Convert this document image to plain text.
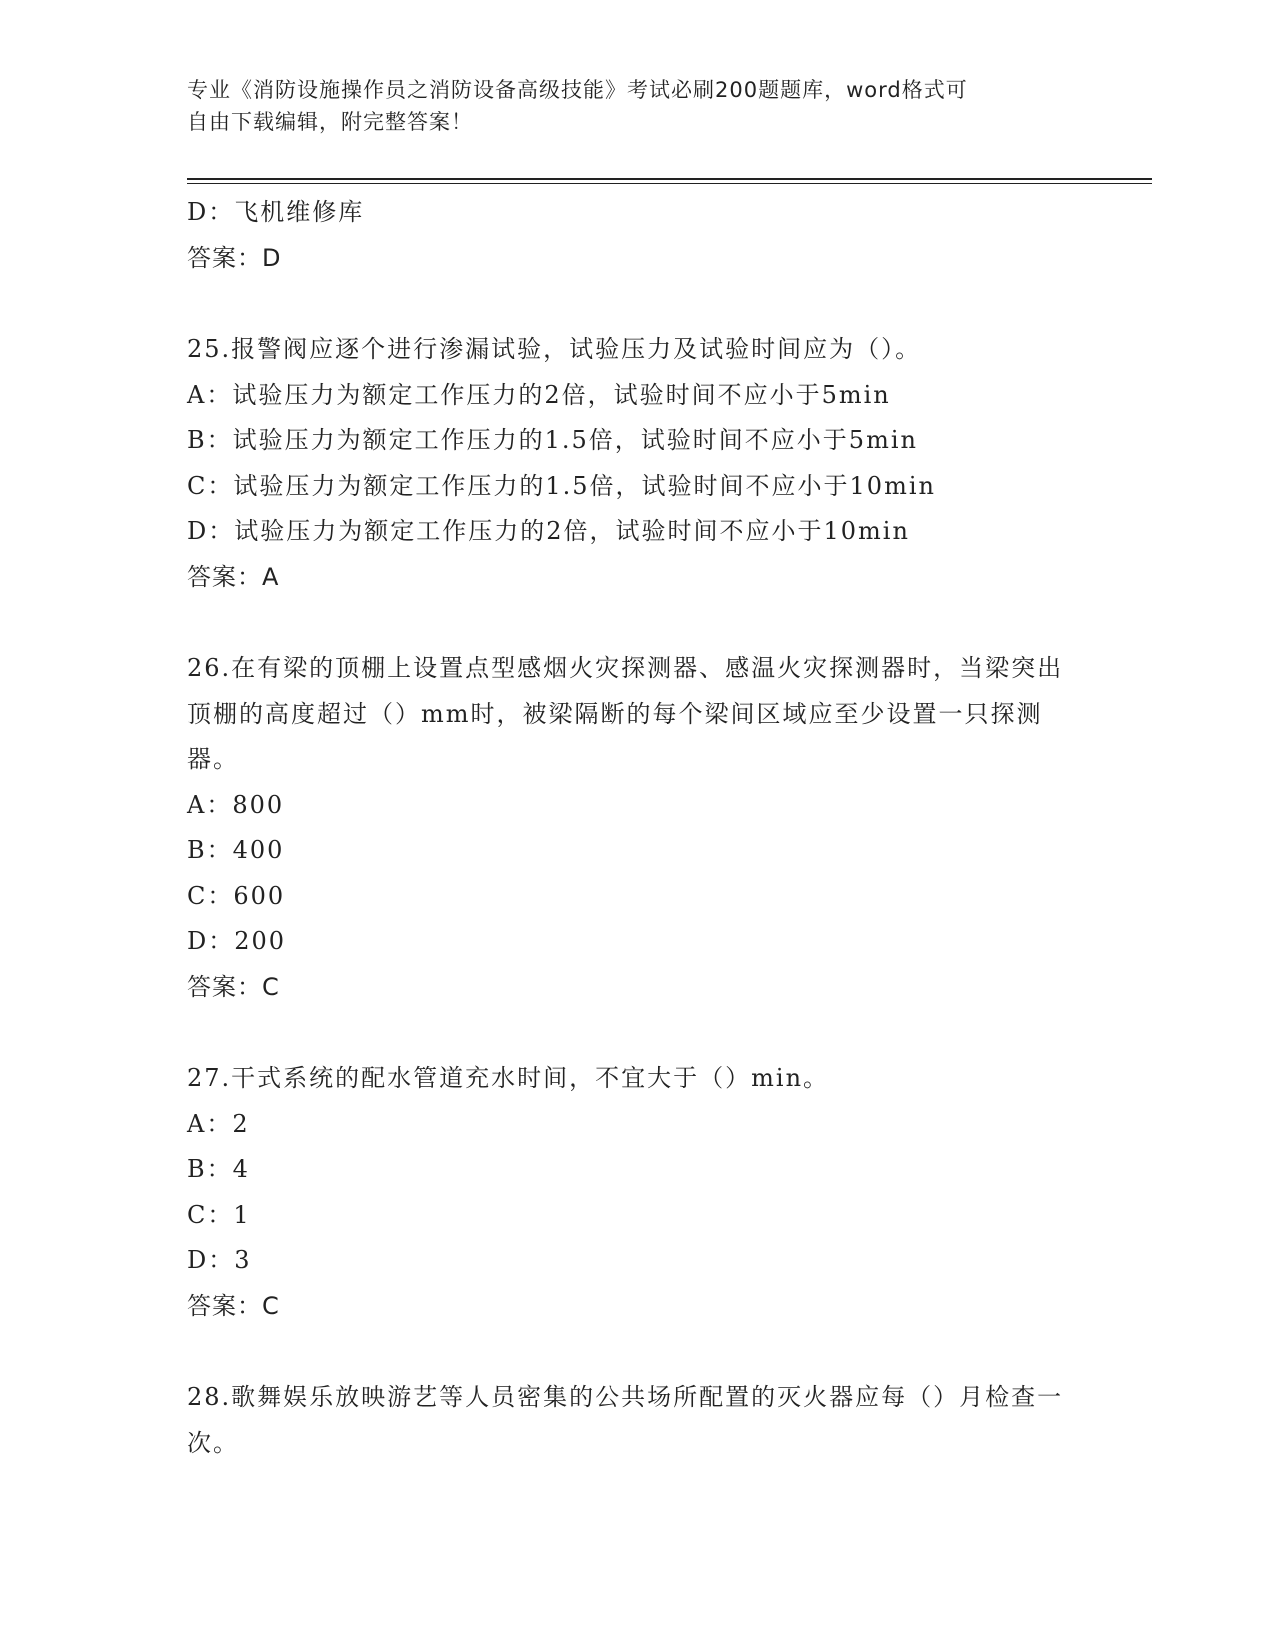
专业《消防设施操作员之消防设备高级技能》考试必刷200题题库，word格式可
自由下载编辑，附完整答案！
D：飞机维修库
答案：D
25.报警阀应逐个进行渗漏试验，试验压力及试验时间应为（）。
A：试验压力为额定工作压力的2倍，试验时间不应小于5min
B：试验压力为额定工作压力的1.5倍，试验时间不应小于5min
C：试验压力为额定工作压力的1.5倍，试验时间不应小于10min
D：试验压力为额定工作压力的2倍，试验时间不应小于10min
答案：A
26.在有梁的顶棚上设置点型感烟火灾探测器、感温火灾探测器时，当梁突出顶棚的高度超过（）mm时，被梁隔断的每个梁间区域应至少设置一只探测器。
A：800
B：400
C：600
D：200
答案：C
27.干式系统的配水管道充水时间，不宜大于（）min。
A：2
B：4
C：1
D：3
答案：C
28.歌舞娱乐放映游艺等人员密集的公共场所配置的灭火器应每（）月检查一次。
